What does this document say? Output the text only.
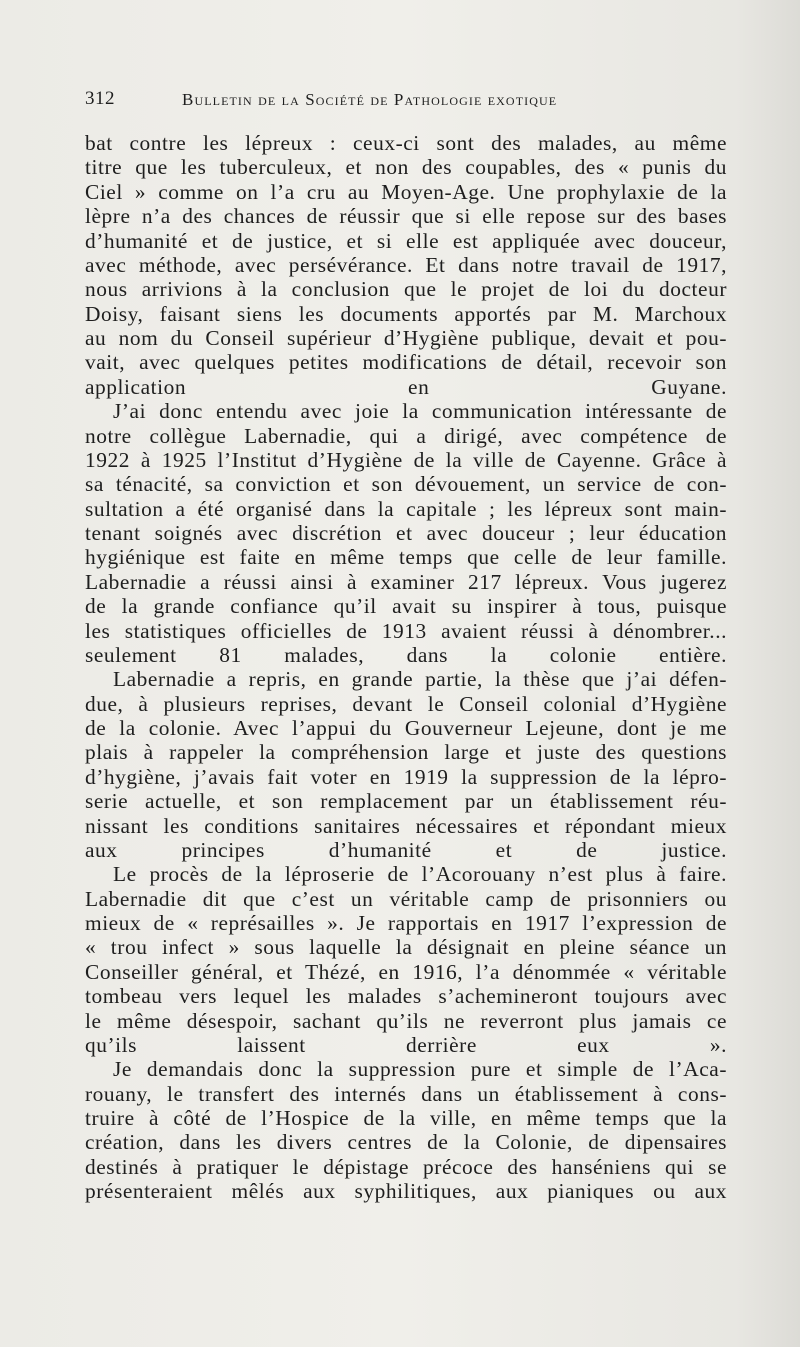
312	Bulletin de la Société de Pathologie exotique

bat contre les lépreux : ceux-ci sont des malades, au même
titre que les tuberculeux, et non des coupables, des « punis du
Ciel » comme on l’a cru au Moyen-Age. Une prophylaxie de la
lèpre n’a des chances de réussir que si elle repose sur des bases
d’humanité et de justice, et si elle est appliquée avec douceur,
avec méthode, avec persévérance. Et dans notre travail de 1917,
nous arrivions à la conclusion que le projet de loi du docteur
Doisy, faisant siens les documents apportés par M. Marchoux
au nom du Conseil supérieur d’Hygiène publique, devait et pou-
vait, avec quelques petites modifications de détail, recevoir son
application en Guyane.

J’ai donc entendu avec joie la communication intéressante de
notre collègue Labernadie, qui a dirigé, avec compétence de
1922 à 1925 l’Institut d’Hygiène de la ville de Cayenne. Grâce à
sa ténacité, sa conviction et son dévouement, un service de con-
sultation a été organisé dans la capitale ; les lépreux sont main-
tenant soignés avec discrétion et avec douceur ; leur éducation
hygiénique est faite en même temps que celle de leur famille.
Labernadie a réussi ainsi à examiner 217 lépreux. Vous jugerez
de la grande confiance qu’il avait su inspirer à tous, puisque
les statistiques officielles de 1913 avaient réussi à dénombrer...
seulement 81 malades, dans la colonie entière.

Labernadie a repris, en grande partie, la thèse que j’ai défen-
due, à plusieurs reprises, devant le Conseil colonial d’Hygiène
de la colonie. Avec l’appui du Gouverneur Lejeune, dont je me
plais à rappeler la compréhension large et juste des questions
d’hygiène, j’avais fait voter en 1919 la suppression de la lépro-
serie actuelle, et son remplacement par un établissement réu-
nissant les conditions sanitaires nécessaires et répondant mieux
aux principes d’humanité et de justice.

Le procès de la léproserie de l’Acorouany n’est plus à faire.
Labernadie dit que c’est un véritable camp de prisonniers ou
mieux de « représailles ». Je rapportais en 1917 l’expression de
« trou infect » sous laquelle la désignait en pleine séance un
Conseiller général, et Thézé, en 1916, l’a dénommée « véritable
tombeau vers lequel les malades s’achemineront toujours avec
le même désespoir, sachant qu’ils ne reverront plus jamais ce
qu’ils laissent derrière eux ».

Je demandais donc la suppression pure et simple de l’Aca-
rouany, le transfert des internés dans un établissement à cons-
truire à côté de l’Hospice de la ville, en même temps que la
création, dans les divers centres de la Colonie, de dipensaires
destinés à pratiquer le dépistage précoce des hanséniens qui se
présenteraient mêlés aux syphilitiques, aux pianiques ou aux
